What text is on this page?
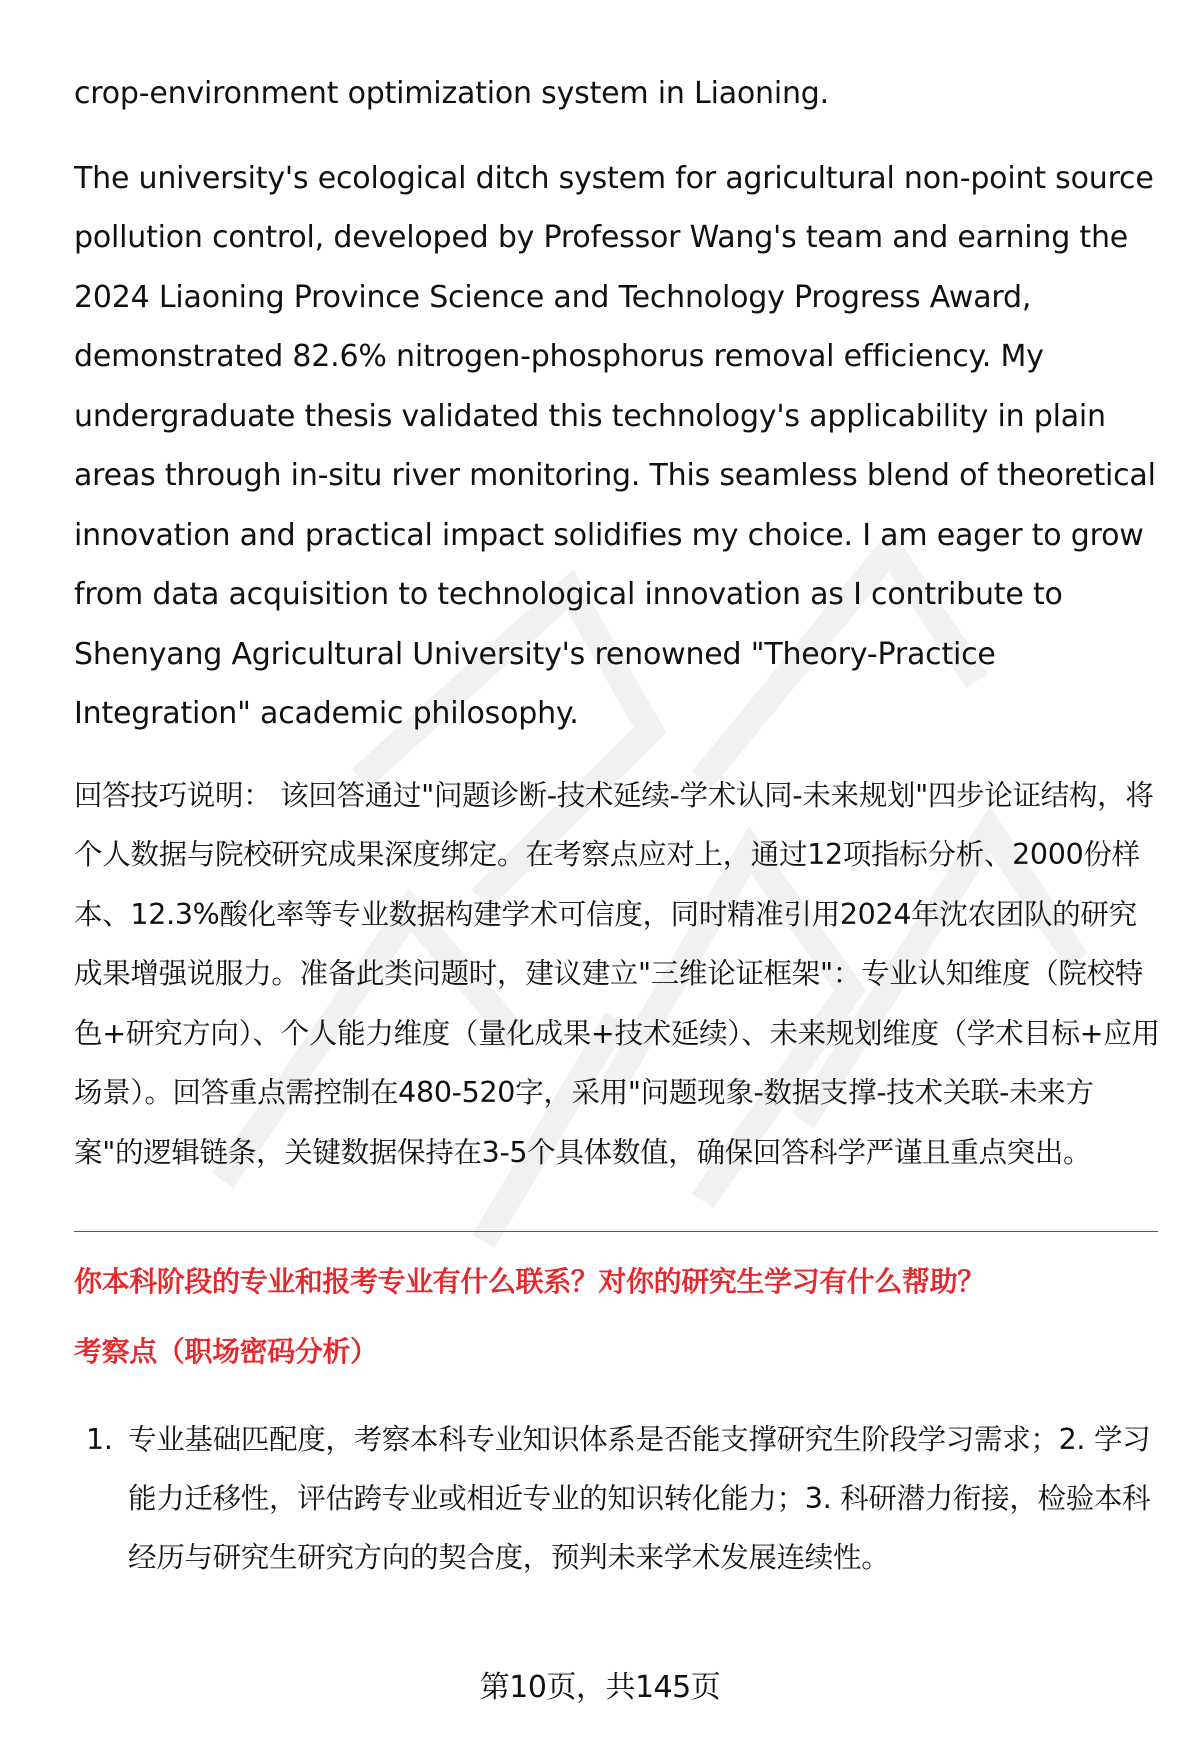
crop-environment optimization system in Liaoning.

The university's ecological ditch system for agricultural non-point source pollution control, developed by Professor Wang's team and earning the 2024 Liaoning Province Science and Technology Progress Award, demonstrated 82.6% nitrogen-phosphorus removal efficiency. My undergraduate thesis validated this technology's applicability in plain areas through in-situ river monitoring. This seamless blend of theoretical innovation and practical impact solidifies my choice. I am eager to grow from data acquisition to technological innovation as I contribute to Shenyang Agricultural University's renowned "Theory-Practice Integration" academic philosophy.

回答技巧说明： 该回答通过"问题诊断-技术延续-学术认同-未来规划"四步论证结构，将个人数据与院校研究成果深度绑定。在考察点应对上，通过12项指标分析、2000份样本、12.3%酸化率等专业数据构建学术可信度，同时精准引用2024年沈农团队的研究成果增强说服力。准备此类问题时，建议建立"三维论证框架"：专业认知维度（院校特色+研究方向）、个人能力维度（量化成果+技术延续）、未来规划维度（学术目标+应用场景）。回答重点需控制在480-520字，采用"问题现象-数据支撑-技术关联-未来方案"的逻辑链条，关键数据保持在3-5个具体数值，确保回答科学严谨且重点突出。

你本科阶段的专业和报考专业有什么联系？对你的研究生学习有什么帮助？
考察点（职场密码分析）
1. 专业基础匹配度，考察本科专业知识体系是否能支撑研究生阶段学习需求；2. 学习能力迁移性，评估跨专业或相近专业的知识转化能力；3. 科研潜力衔接，检验本科经历与研究生研究方向的契合度，预判未来学术发展连续性。
第10页，共145页
